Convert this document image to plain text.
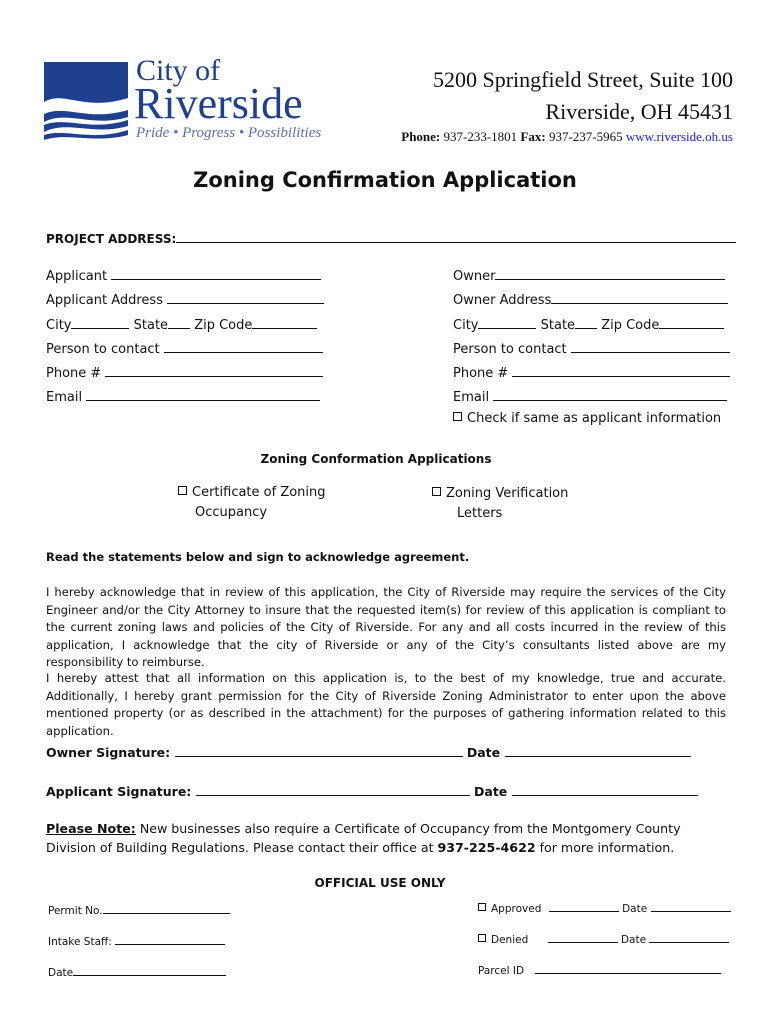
City of
Riverside
Pride • Progress • Possibilities
5200 Springfield Street, Suite 100
Riverside, OH 45431
Phone: 937-233-1801 Fax: 937-237-5965 www.riverside.oh.us
Zoning Confirmation Application
PROJECT ADDRESS:
Applicant
Applicant Address
City	State Zip Code
Person to contact
Phone #
Email
Owner
Owner Address
City	State Zip Code
Person to contact
Phone #
Email
Check if same as applicant information
Zoning Conformation Applications
Certificate of Zoning
Occupancy
Zoning Verification
Letters
Read the statements below and sign to acknowledge agreement.
I hereby acknowledge that in review of this application, the City of Riverside may require the services of the City Engineer and/or the City Attorney to insure that the requested item(s) for review of this application is compliant to the current zoning laws and policies of the City of Riverside. For any and all costs incurred in the review of this application, I acknowledge that the city of Riverside or any of the City’s consultants listed above are my responsibility to reimburse.
I hereby attest that all information on this application is, to the best of my knowledge, true and accurate. Additionally, I hereby grant permission for the City of Riverside Zoning Administrator to enter upon the above mentioned property (or as described in the attachment) for the purposes of gathering information related to this application.
Owner Signature:	Date
Applicant Signature:	Date
Please Note: New businesses also require a Certificate of Occupancy from the Montgomery County Division of Building Regulations. Please contact their office at 937-225-4622 for more information.
OFFICIAL USE ONLY
Permit No.
Intake Staff:
Date
Approved	Date
Denied	Date
Parcel ID
